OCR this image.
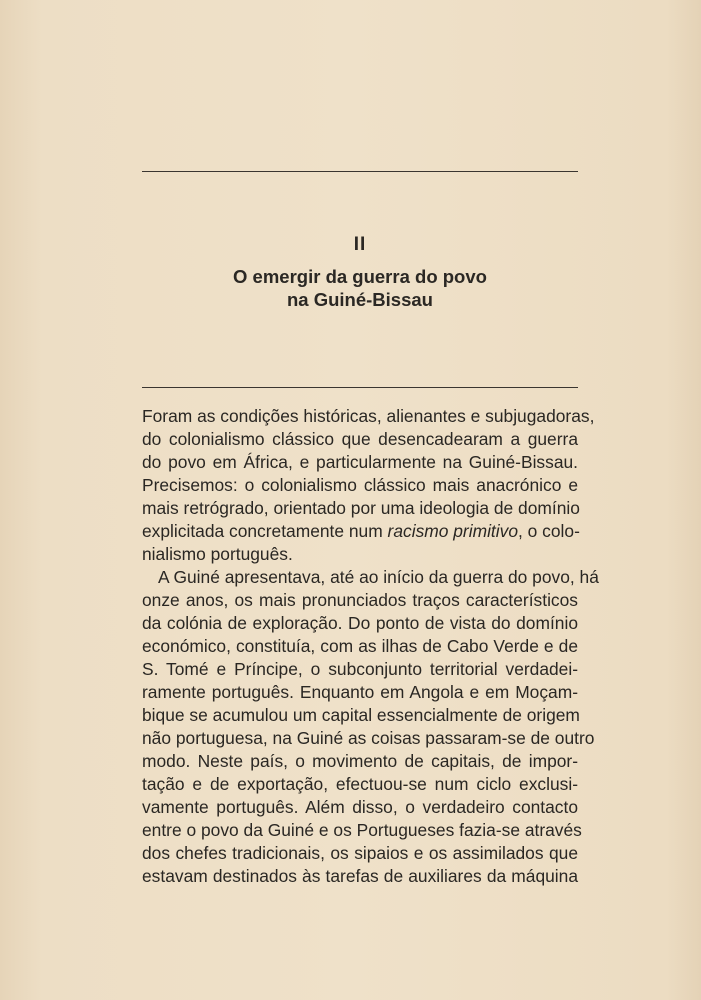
II
O emergir da guerra do povo
na Guiné-Bissau
Foram as condições históricas, alienantes e subjugadoras,
do colonialismo clássico que desencadearam a guerra
do povo em África, e particularmente na Guiné-Bissau.
Precisemos: o colonialismo clássico mais anacrónico e
mais retrógrado, orientado por uma ideologia de domínio
explicitada concretamente num racismo primitivo, o colo-
nialismo português.
A Guiné apresentava, até ao início da guerra do povo, há
onze anos, os mais pronunciados traços característicos
da colónia de exploração. Do ponto de vista do domínio
económico, constituía, com as ilhas de Cabo Verde e de
S. Tomé e Príncipe, o subconjunto territorial verdadei-
ramente português. Enquanto em Angola e em Moçam-
bique se acumulou um capital essencialmente de origem
não portuguesa, na Guiné as coisas passaram-se de outro
modo. Neste país, o movimento de capitais, de impor-
tação e de exportação, efectuou-se num ciclo exclusi-
vamente português. Além disso, o verdadeiro contacto
entre o povo da Guiné e os Portugueses fazia-se através
dos chefes tradicionais, os sipaios e os assimilados que
estavam destinados às tarefas de auxiliares da máquina
